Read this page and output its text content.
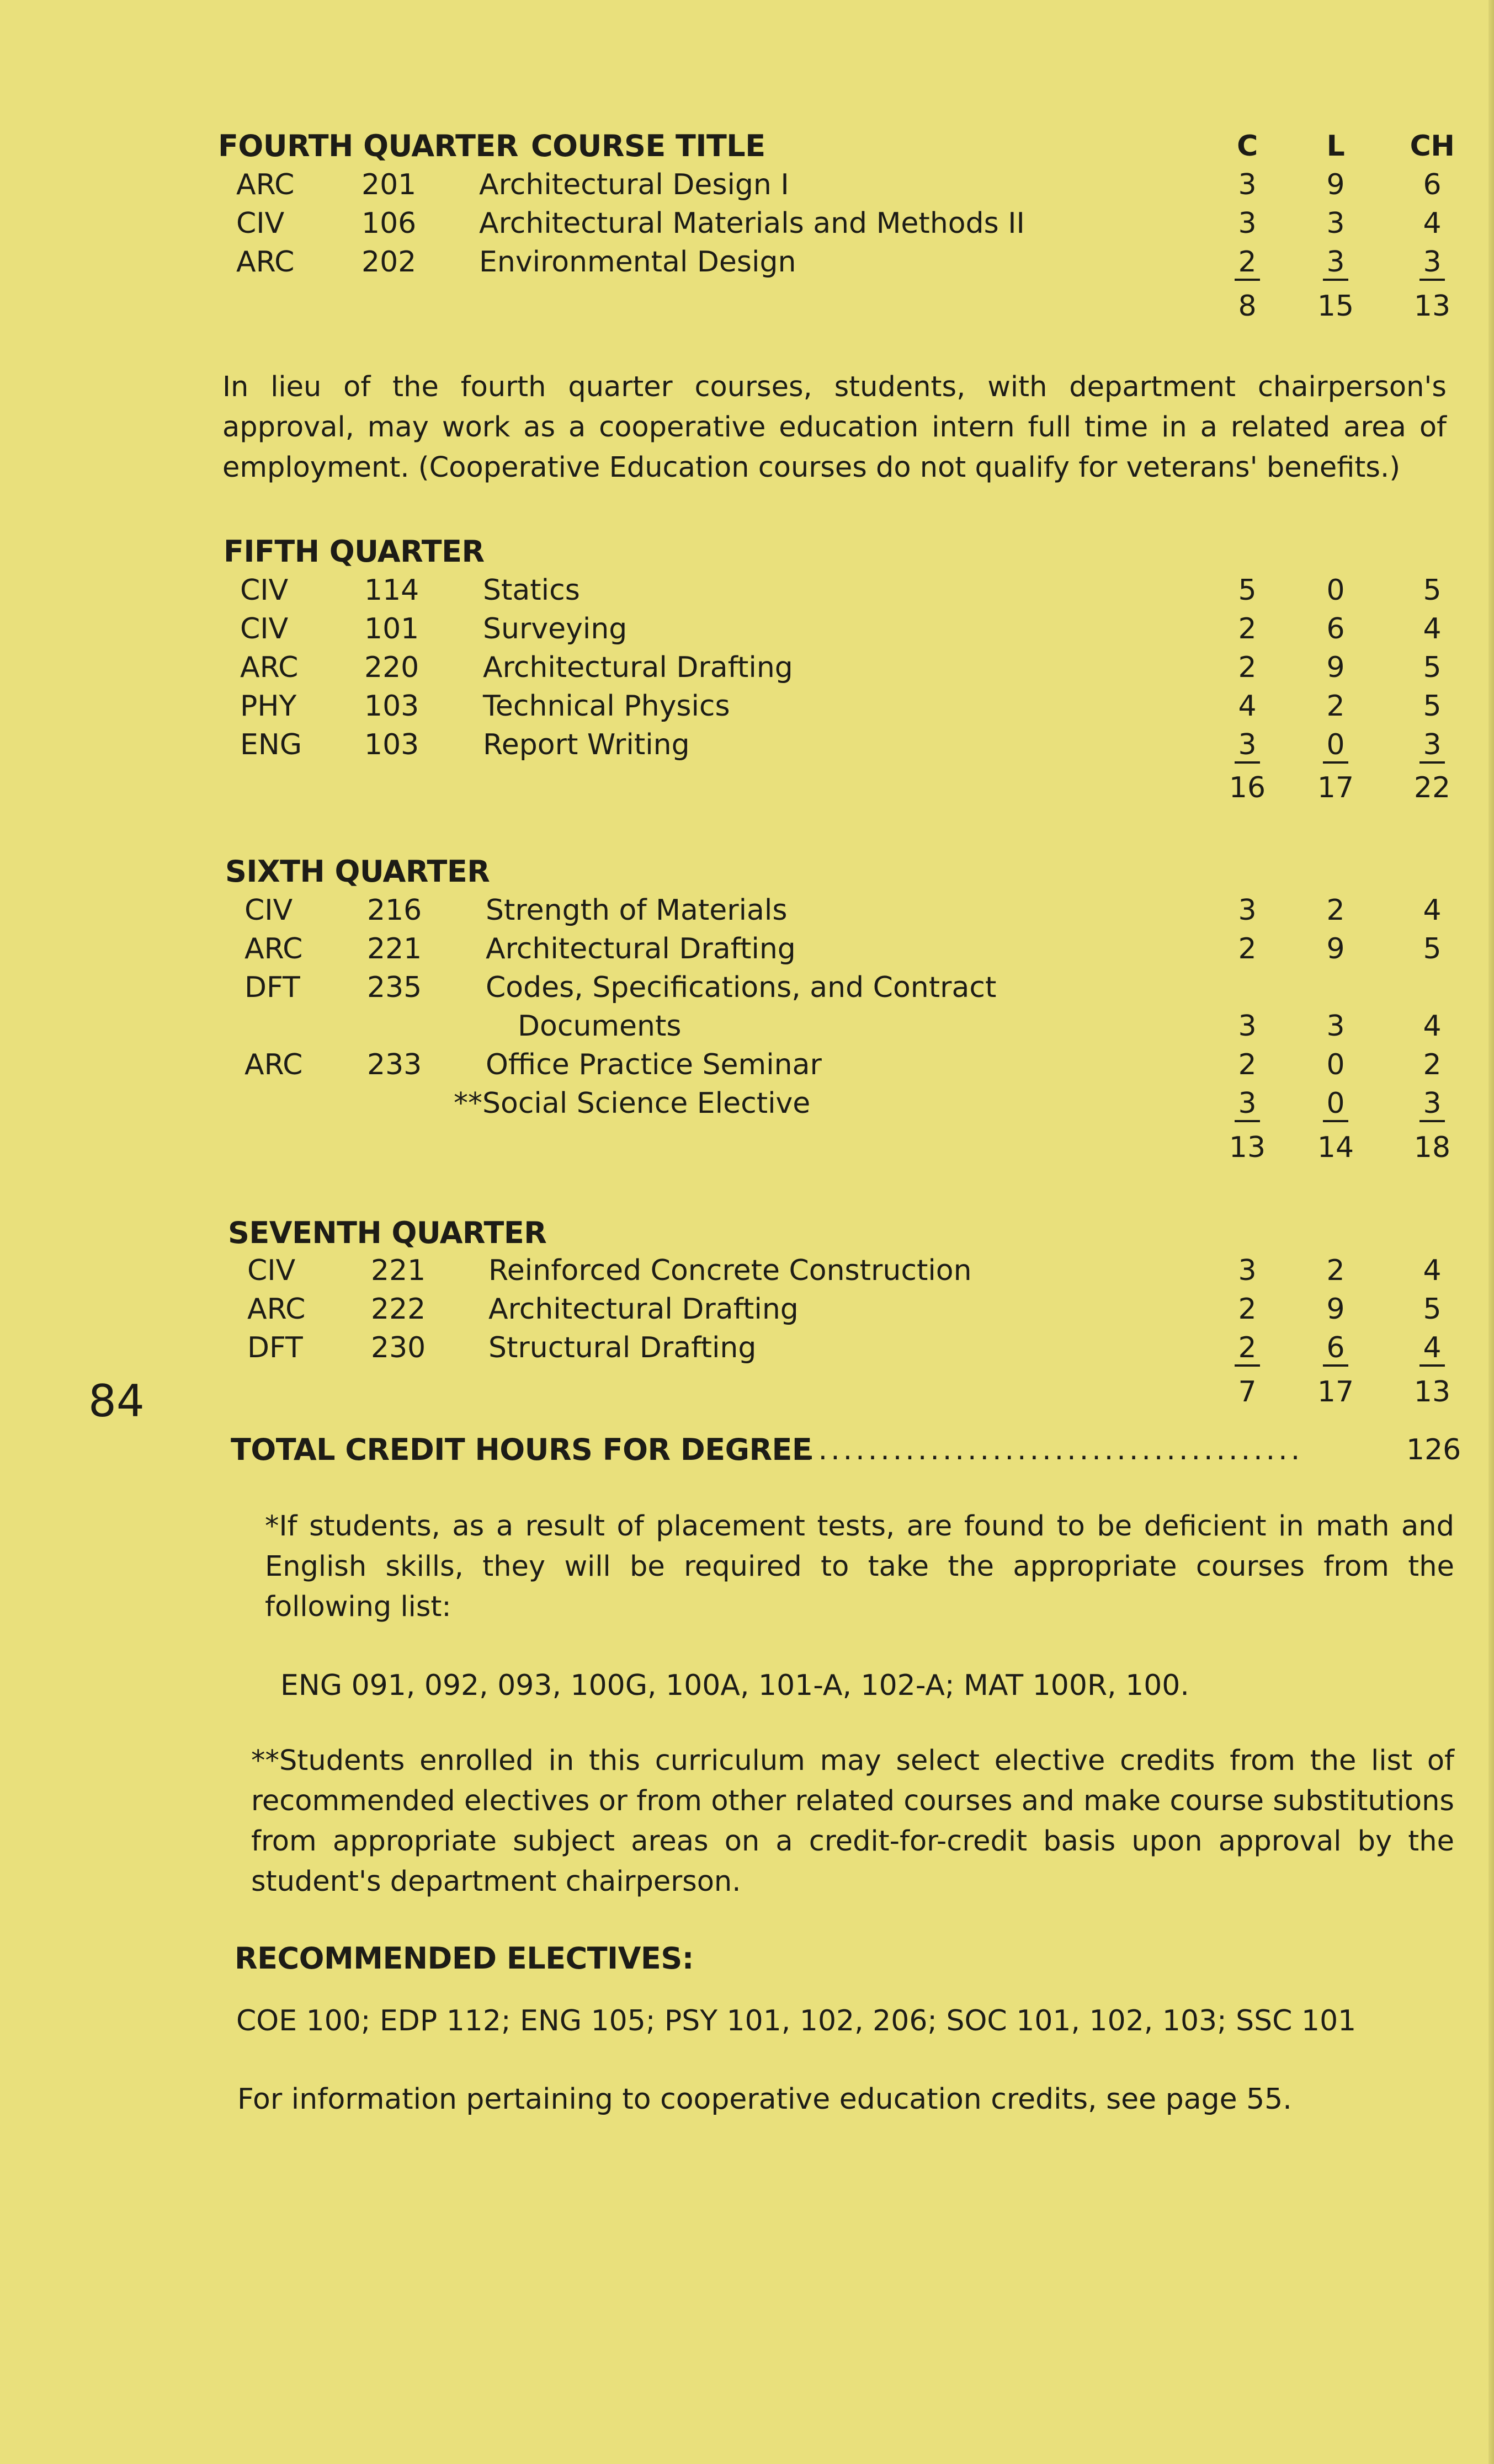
FOURTH QUARTER COURSE TITLE	C	L	CH
ARC 201 Architectural Design I	3	9	6
CIV	106 Architectural Materials and Methods II	3	3	4
ARC 202 Environmental Design	2	3	3
8	15	13
In lieu of the fourth quarter courses, students, with department chairperson's approval, may work as a cooperative education intern full time in a related area of employment. (Cooperative Education courses do not qualify for veterans' benefits.)
FIFTH QUARTER
CIV	114 Statics	5	0	5
CIV	101 Surveying	2	6	4
ARC 220 Architectural Drafting	2	9	5
PHY 103 Technical Physics	4	2	5
ENG 103 Report Writing	3	0	3
16	17	22
SIXTH QUARTER
CIV	216 Strength of Materials	3	2	4
ARC 221 Architectural Drafting	2	9	5
DFT 235 Codes, Specifications, and Contract
Documents	3	3	4
ARC 233 Office Practice Seminar	2	0	2
**Social Science Elective	3	0	3
13	14	18
SEVENTH QUARTER
CIV	221 Reinforced Concrete Construction	3	2	4
ARC 222 Architectural Drafting	2	9	5
DFT 230 Structural Drafting	2	6	4
7	17	13
84
TOTAL CREDIT HOURS FOR DEGREE
..........................................	126
*If students, as a result of placement tests, are found to be deficient in math and English skills, they will be required to take the appropriate courses from the following list:
ENG 091, 092, 093, 100G, 100A, 101-A, 102-A; MAT 100R, 100.
**Students enrolled in this curriculum may select elective credits from the list of recommended electives or from other related courses and make course substitutions from appropriate subject areas on a credit-for-credit basis upon approval by the student's department chairperson.
RECOMMENDED ELECTIVES:
COE 100; EDP 112; ENG 105; PSY 101, 102, 206; SOC 101, 102, 103; SSC 101
For information pertaining to cooperative education credits, see page 55.
